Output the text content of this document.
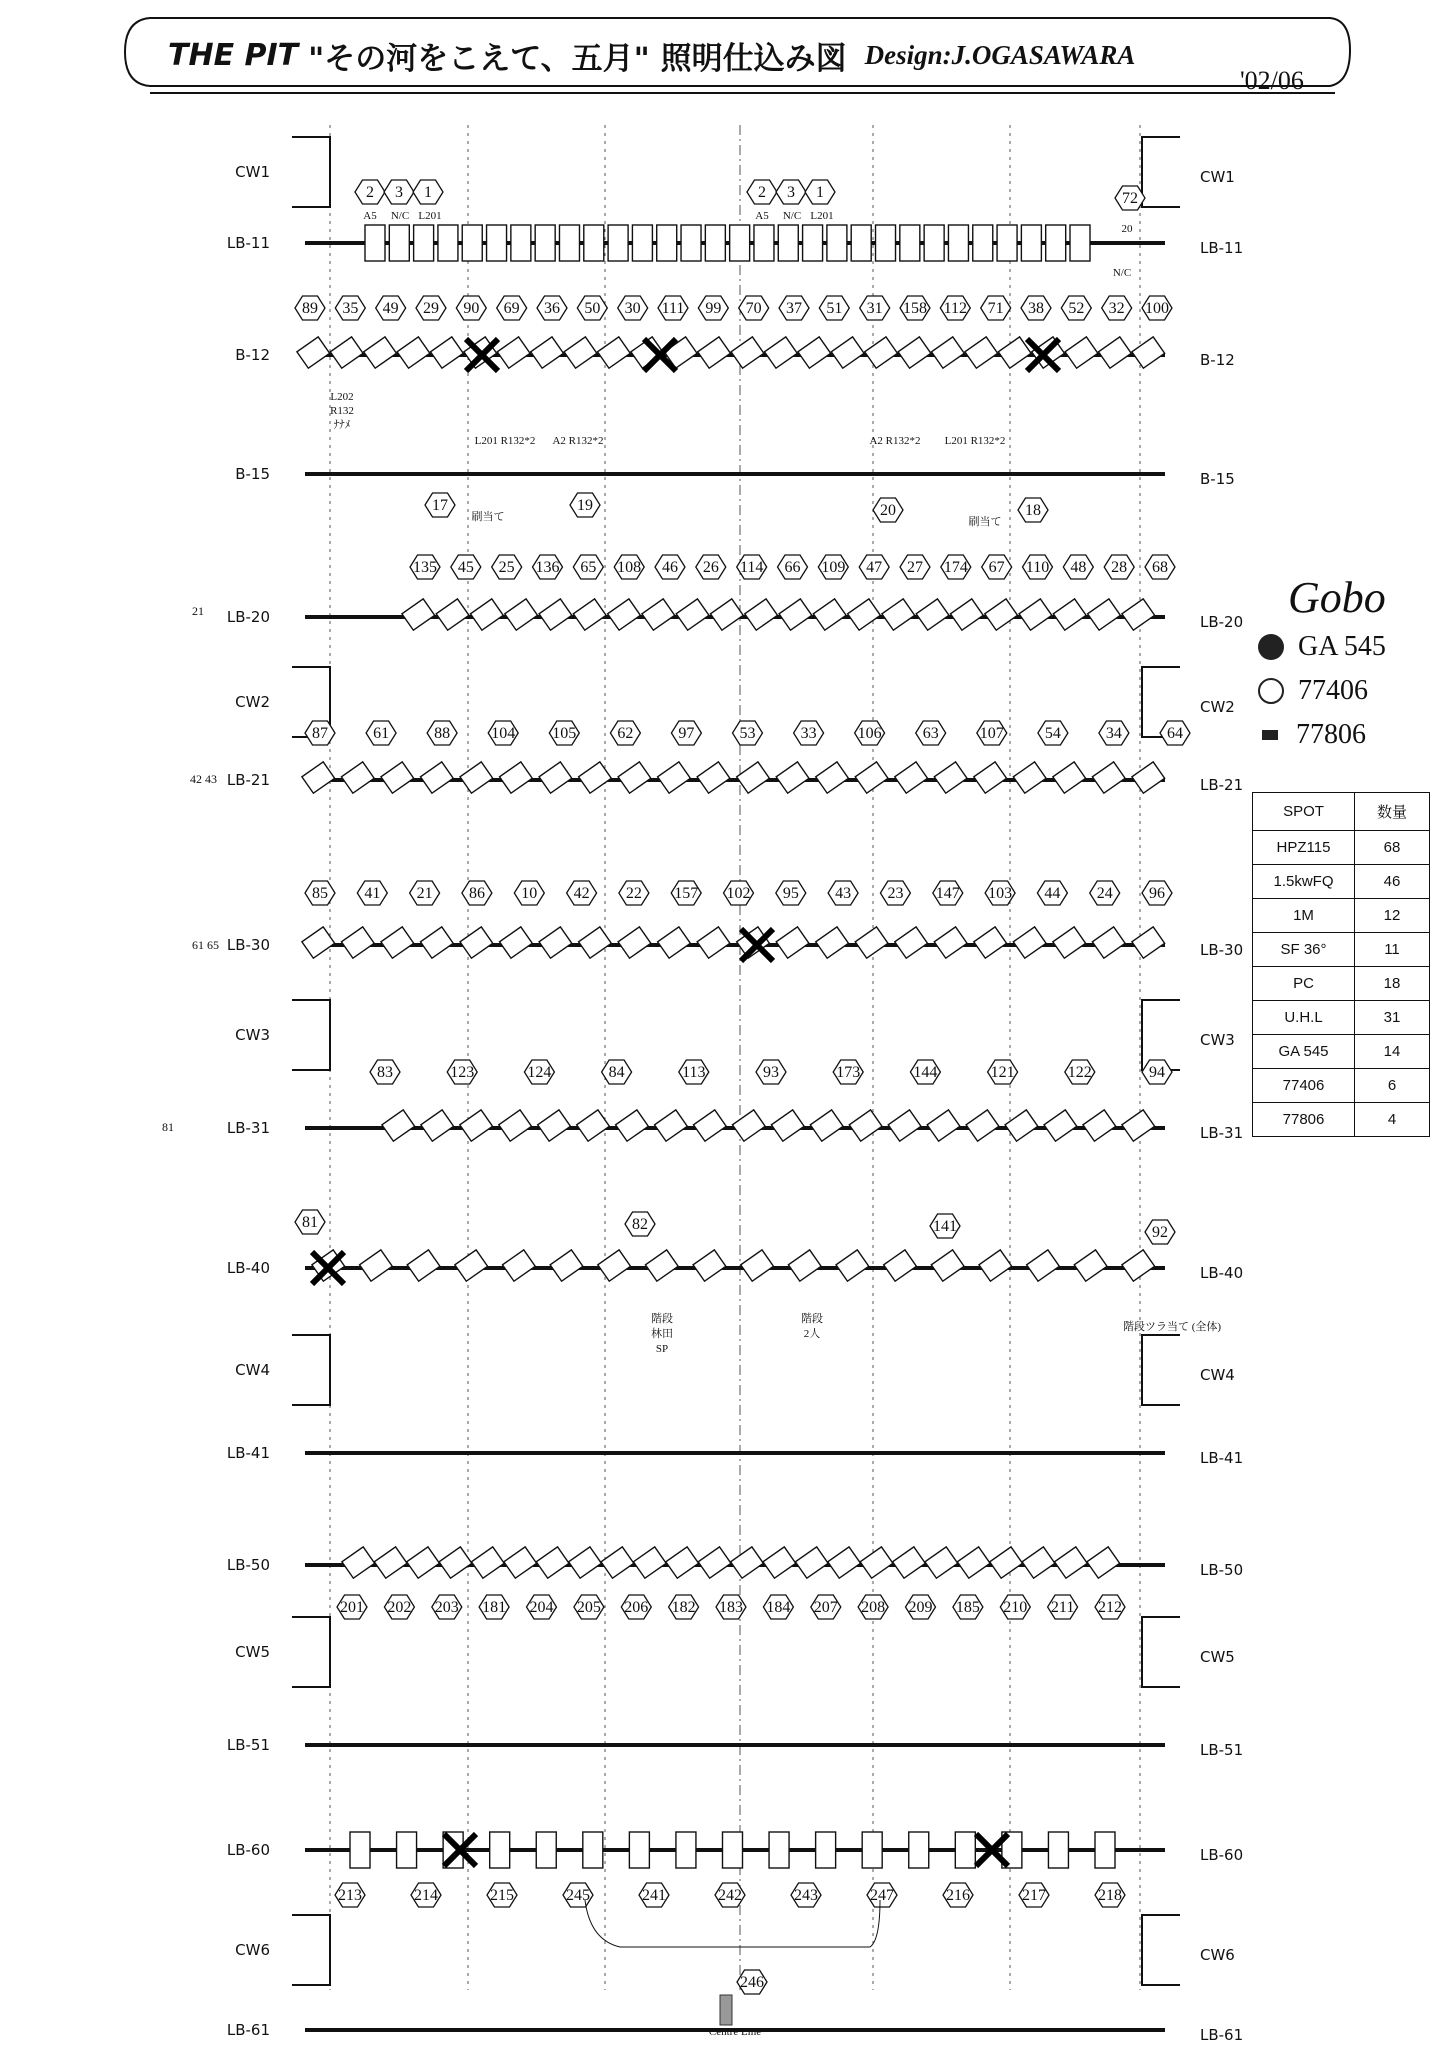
CW1	CW1
LB-11	LB-11
B-12	B-12
B-15	B-15
LB-20	LB-20
CW2	CW2
LB-21	LB-21
LB-30	LB-30
CW3	CW3
LB-31	LB-31
LB-40	LB-40
CW4	CW4
LB-41	LB-41
LB-50	LB-50
CW5	CW5
LB-51	LB-51
LB-60	LB-60
CW6	CW6
LB-61	LB-61
89 35 49 29 90 69 36 50 30 111 99 70 37 51 31 158 112 71 38 52 32 100
135 45 25 136 65 108 46 26 114 66 109 47 27 174 67 110 48 28 68
87	61	88	104 105	62	97	53	33	106	63	107	54	34	64
85 41 21 86 10 42 22 157 102 95 43 23 147 103 44 24 96
83	123	124	84	113	93	173	144	121	122	94
201 202 203 181 204 205 206 182 183 184 207 208 209 185 210 211 212
213	214	215	245	241	242	243	247	216	217	218
81	82	141	92
2 3 1
A5 N/C L201
2 3 1
A5 N/C L201
72
20
N/C
L202
R132
ﾅﾅﾒ
L201 R132*2 A2 R132*2	A2 R132*2 L201 R132*2
刷当て	刷当て
17	19	20	18
階段ツラ当て (全体)
階段
林田
SP
階段
2人
Centre Line
246
THE PIT "その河をこえて、五月" 照明仕込み図 Design:J.OGASAWARA
'02/06
Gobo
GA 545
77406
77806
SPOT	数量
HPZ115	68
1.5kwFQ	46
1M	12
SF 36°	11
PC	18
U.H.L	31
GA 545	14
77406	6
77806	4
21
42 43
61 65
81
